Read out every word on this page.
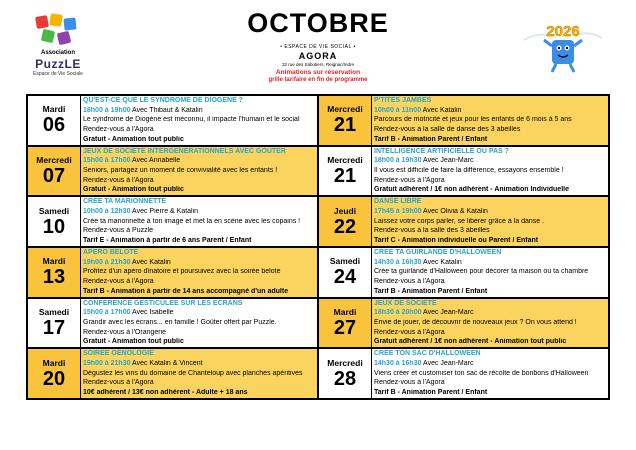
Association
PuzzLE
Espace de Vie Sociale
OCTOBRE
• ESPACE DE VIE SOCIAL •
AGORA
32 rue des Sabotiers, Reignac/Indre
Animations sur réservation
grille tarifaire en fin de programme
2026
Mardi
06
QU'EST-CE QUE LE SYNDROME DE DIOGÈNE ?
18h00 à 19h00 Avec Thibaut & Katalin
Le syndrome de Diogène est méconnu, il impacte l'humain et le social
Rendez-vous à l'Agora
Gratuit - Animation tout public
Mercredi
21
P'TITES JAMBES
10h00 à 11h00 Avec Katalin
Parcours de motricité et jeux pour les enfants de 6 mois à 5 ans
Rendez-vous à la salle de danse des 3 abeilles
Tarif B - Animation Parent / Enfant
Mercredi
07
JEUX DE SOCIÉTÉ INTERGÉNÉRATIONNELS AVEC GOÛTER
15h00 à 17h00 Avec Annabelle
Seniors, partagez un moment de convivialité avec les enfants !
Rendez-vous à l'Agora
Gratuit - Animation tout public
Mercredi
21
INTELLIGENCE ARTIFICIELLE OU PAS ?
18h00 à 19h30 Avec Jean-Marc
Il vous est difficile de faire la différence, essayons ensemble !
Rendez-vous à l'Agora
Gratuit adhérent / 1€ non adhérent - Animation Individuelle
Samedi
10
CRÉE TA MARIONNETTE
10h00 à 12h30 Avec Pierre & Katalin
Crée ta marionnette à ton image et met la en scène avec les copains !
Rendez-vous à Puzzle
Tarif E - Animation à partir de 6 ans Parent / Enfant
Jeudi
22
DANSE LIBRE
17h45 à 19h00 Avec Olivia & Katalin
Laissez votre corps parler, se libérer grâce à la danse .
Rendez-vous à la salle des 3 abeilles
Tarif C - Animation individuelle ou Parent / Enfant
Mardi
13
APÉRO BELOTE
19h00 à 21h30 Avec Katalin
Profitez d'un apéro dînatoire et poursuivez avec la soirée belote
Rendez-vous à l'Agora
Tarif B - Animation à partir de 14 ans accompagné d'un adulte
Samedi
24
CRÉE TA GUIRLANDE D'HALLOWEEN
14h30 à 16h30 Avec Katalin
Crée ta guirlande d'Halloween pour décorer ta maison ou ta chambre
Rendez-vous à l'Agora
Tarif B - Animation Parent / Enfant
Samedi
17
CONFÉRENCE GESTICULÉE SUR LES ÉCRANS
15h00 à 17h00 Avec Isabelle
Grandir avec les écrans... en famille ! Goûter offert par Puzzle.
Rendez-vous à l'Orangerie
Gratuit - Animation tout public
Mardi
27
JEUX DE SOCIÉTÉ
18h30 à 20h00 Avec Jean-Marc
Envie de jouer, de découvrir de nouveaux jeux ? On vous attend !
Rendez-vous à l'Agora
Gratuit adhérent / 1€ non adhérent - Animation tout public
Mardi
20
SOIRÉE OENOLOGIE
19h00 à 21h30 Avec Katalin & Vincent
Dégustez les vins du domaine de Chanteloup avec planches apéritives
Rendez-vous à l'Agora
10€ adhérent / 13€ non adhérent - Adulte + 18 ans
Mercredi
28
CRÉE TON SAC D'HALLOWEEN
14h30 à 16h30 Avec Jean-Marc
Viens créer et customiser ton sac de récolte de bonbons d'Halloween
Rendez-vous à l'Agora
Tarif B - Animation Parent / Enfant
